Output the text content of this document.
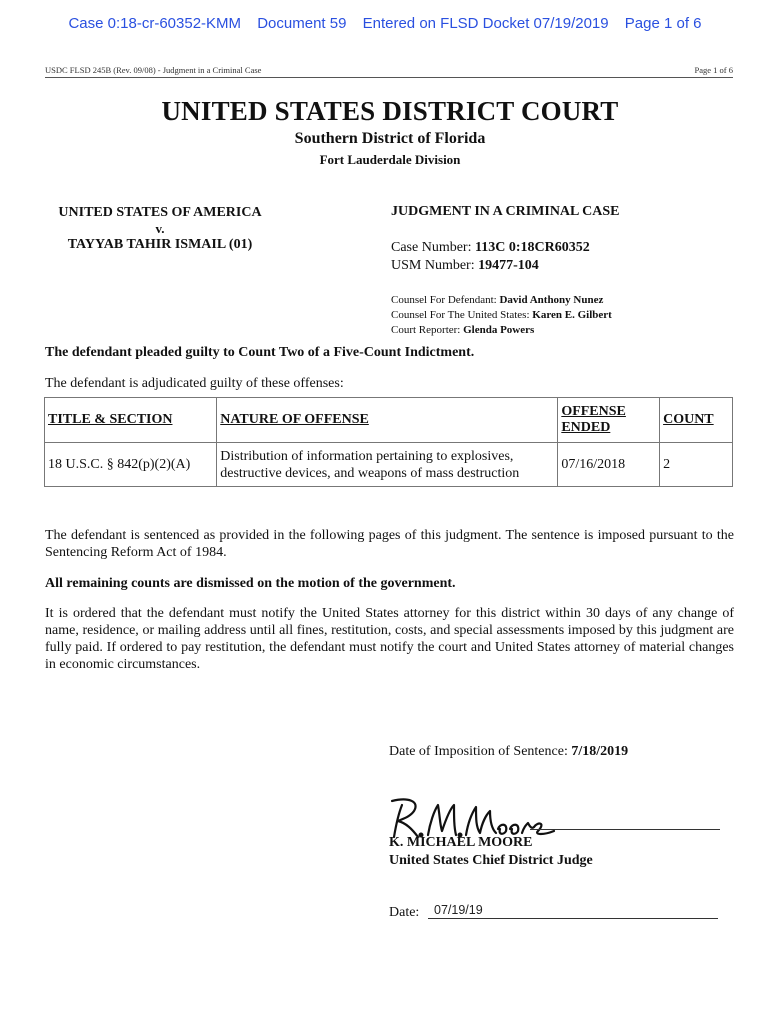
Case 0:18-cr-60352-KMM Document 59 Entered on FLSD Docket 07/19/2019 Page 1 of 6
USDC FLSD 245B (Rev. 09/08) - Judgment in a Criminal Case	Page 1 of 6
UNITED STATES DISTRICT COURT
Southern District of Florida
Fort Lauderdale Division
UNITED STATES OF AMERICA
v.
TAYYAB TAHIR ISMAIL (01)
JUDGMENT IN A CRIMINAL CASE
Case Number: 113C 0:18CR60352
USM Number: 19477-104
Counsel For Defendant: David Anthony Nunez
Counsel For The United States: Karen E. Gilbert
Court Reporter: Glenda Powers
The defendant pleaded guilty to Count Two of a Five-Count Indictment.
The defendant is adjudicated guilty of these offenses:
TITLE & SECTION	NATURE OF OFFENSE	OFFENSE ENDED	COUNT
18 U.S.C. § 842(p)(2)(A)	Distribution of information pertaining to explosives, destructive devices, and weapons of mass destruction	07/16/2018	2
The defendant is sentenced as provided in the following pages of this judgment. The sentence is imposed pursuant to the Sentencing Reform Act of 1984.
All remaining counts are dismissed on the motion of the government.
It is ordered that the defendant must notify the United States attorney for this district within 30 days of any change of name, residence, or mailing address until all fines, restitution, costs, and special assessments imposed by this judgment are fully paid. If ordered to pay restitution, the defendant must notify the court and United States attorney of material changes in economic circumstances.
Date of Imposition of Sentence: 7/18/2019
K. MICHAEL MOORE
United States Chief District Judge
Date: 07/19/19
